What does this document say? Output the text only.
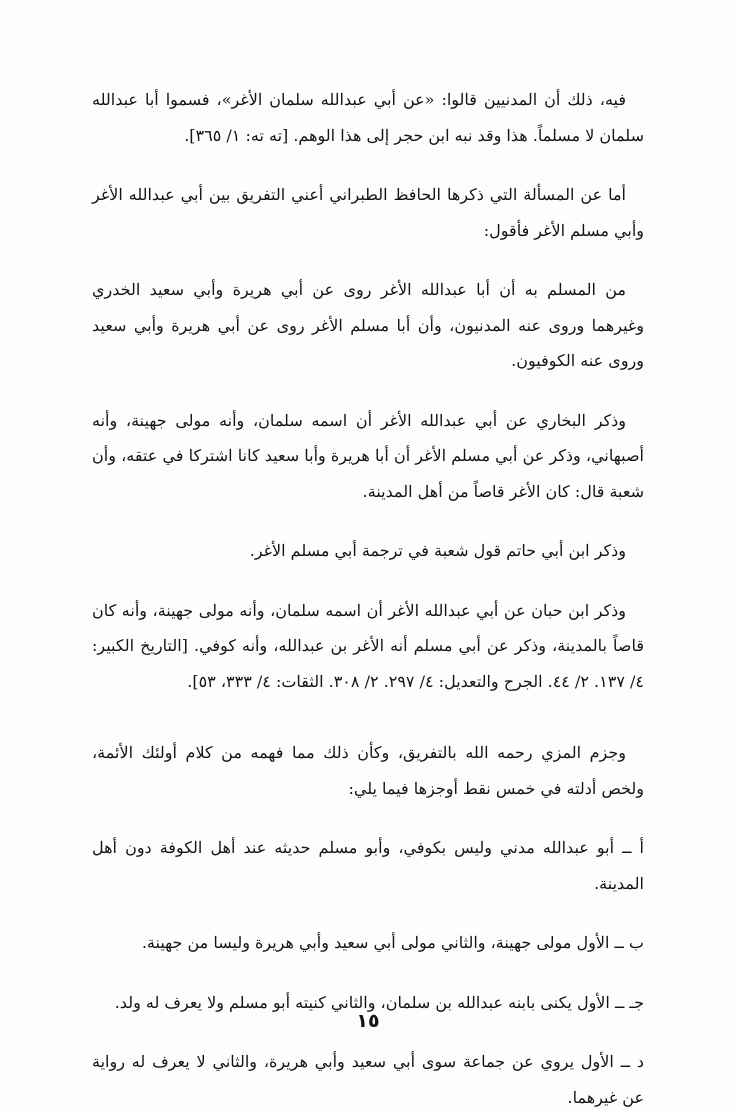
فيه، ذلك أن المدنيين قالوا: «عن أبي عبدالله سلمان الأغر»، فسموا أبا عبدالله سلمان لا مسلماً. هذا وقد نبه ابن حجر إلى هذا الوهم. [ته ته: ١/ ٣٦٥].

أما عن المسألة التي ذكرها الحافظ الطبراني أعني التفريق بين أبي عبدالله الأغر وأبي مسلم الأغر فأقول:

من المسلم به أن أبا عبدالله الأغر روى عن أبي هريرة وأبي سعيد الخدري وغيرهما وروى عنه المدنيون، وأن أبا مسلم الأغر روى عن أبي هريرة وأبي سعيد وروى عنه الكوفيون.

وذكر البخاري عن أبي عبدالله الأغر أن اسمه سلمان، وأنه مولى جهينة، وأنه أصبهاني، وذكر عن أبي مسلم الأغر أن أبا هريرة وأبا سعيد كانا اشتركا في عتقه، وأن شعبة قال: كان الأغر قاصاً من أهل المدينة.

وذكر ابن أبي حاتم قول شعبة في ترجمة أبي مسلم الأغر.

وذكر ابن حبان عن أبي عبدالله الأغر أن اسمه سلمان، وأنه مولى جهينة، وأنه كان قاصاً بالمدينة، وذكر عن أبي مسلم أنه الأغر بن عبدالله، وأنه كوفي. [التاريخ الكبير: ٤/ ١٣٧. ٢/ ٤٤. الجرح والتعديل: ٤/ ٢٩٧. ٢/ ٣٠٨. الثقات: ٤/ ٣٣٣، ٥٣].

وجزم المزي رحمه الله بالتفريق، وكأن ذلك مما فهمه من كلام أولئك الأئمة، ولخص أدلته في خمس نقط أوجزها فيما يلي:

أ ــ أبو عبدالله مدني وليس بكوفي، وأبو مسلم حديثه عند أهل الكوفة دون أهل المدينة.

ب ــ الأول مولى جهينة، والثاني مولى أبي سعيد وأبي هريرة وليسا من جهينة.

جـ ــ الأول يكنى بابنه عبدالله بن سلمان، والثاني كنيته أبو مسلم ولا يعرف له ولد.

د ــ الأول يروي عن جماعة سوى أبي سعيد وأبي هريرة، والثاني لا يعرف له رواية عن غيرهما.

١٥
